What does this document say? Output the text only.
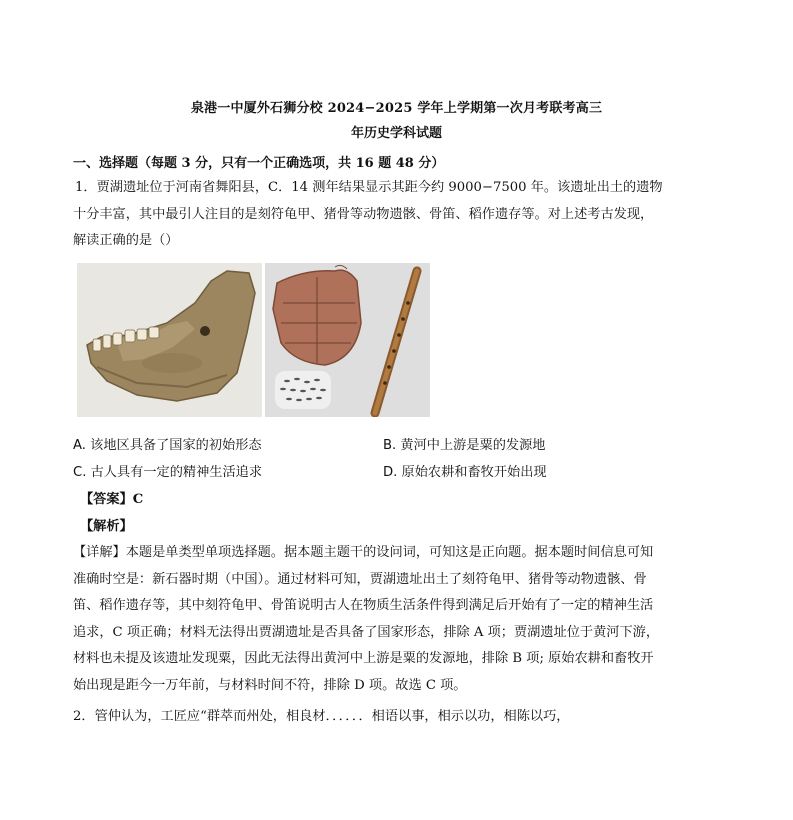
泉港一中厦外石狮分校 2024−2025 学年上学期第一次月考联考高三
年历史学科试题
一、选择题（每题 3 分，只有一个正确选项，共 16 题 48 分）
1．贾湖遗址位于河南省舞阳县，C．14 测年结果显示其距今约 9000−7500 年。该遗址出土的遗物十分丰富，其中最引人注目的是刻符龟甲、猪骨等动物遗骸、骨笛、稻作遗存等。对上述考古发现，解读正确的是（）
A. 该地区具备了国家的初始形态	B. 黄河中上游是粟的发源地
C. 古人具有一定的精神生活追求	D. 原始农耕和畜牧开始出现
【答案】C
【解析】
【详解】本题是单类型单项选择题。据本题主题干的设问词，可知这是正向题。据本题时间信息可知准确时空是：新石器时期（中国）。通过材料可知，贾湖遗址出土了刻符龟甲、猪骨等动物遗骸、骨笛、稻作遗存等，其中刻符龟甲、骨笛说明古人在物质生活条件得到满足后开始有了一定的精神生活追求，C 项正确；材料无法得出贾湖遗址是否具备了国家形态，排除 A 项；贾湖遗址位于黄河下游，材料也未提及该遗址发现粟，因此无法得出黄河中上游是粟的发源地，排除 B 项; 原始农耕和畜牧开始出现是距今一万年前，与材料时间不符，排除 D 项。故选 C 项。
2．管仲认为，工匠应“群萃而州处，相良材．．．．．．相语以事，相示以功，相陈以巧，
